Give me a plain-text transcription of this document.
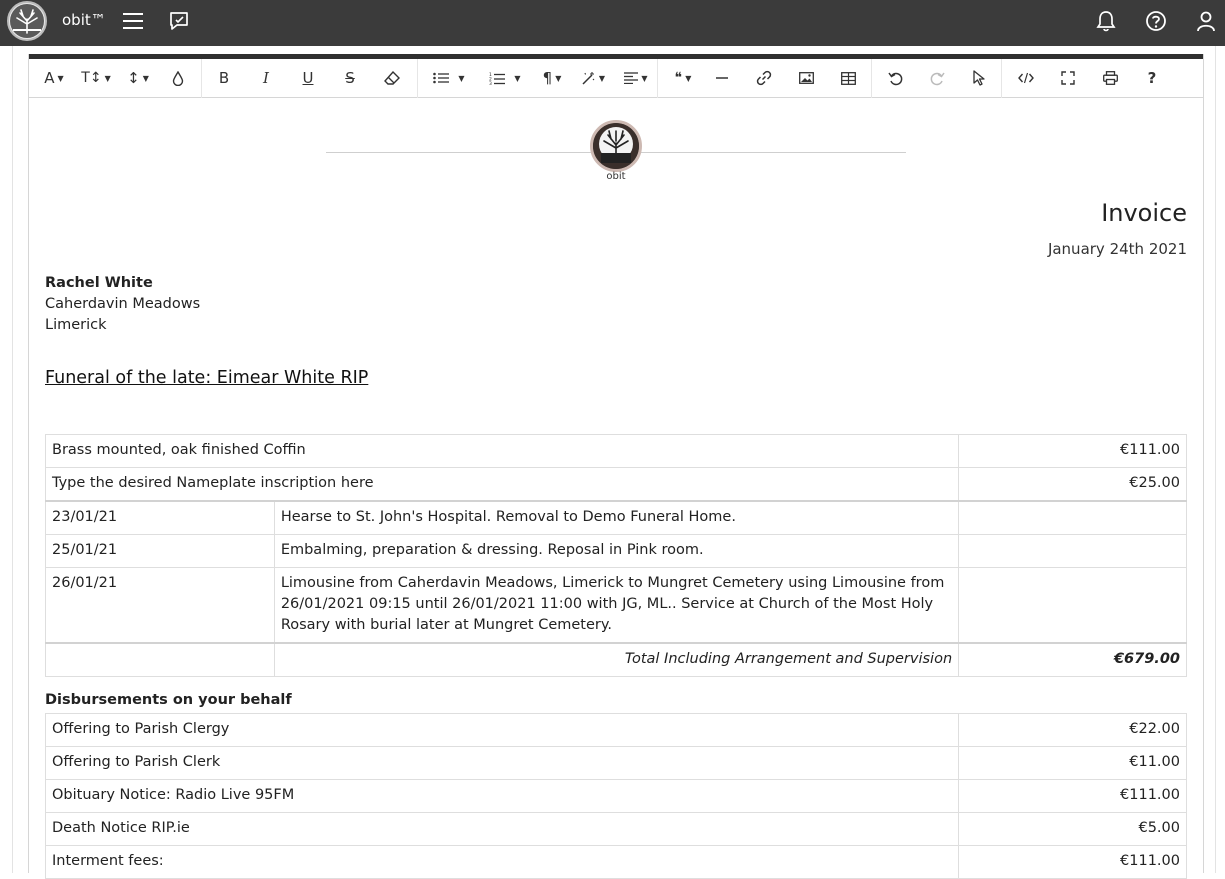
obit™
A ▼ T↕ ▼ ↕ ▼	B I U S	▼	1
2
3
▼ ¶ ▼	▼	▼ ❝ ▼	?
obit
Invoice
January 24th 2021
Rachel White
Caherdavin Meadows
Limerick
Funeral of the late: Eimear White RIP
Brass mounted, oak finished Coffin		€111.00
Type the desired Nameplate inscription here		€25.00
23/01/21	Hearse to St. John's Hospital. Removal to Demo Funeral Home.	
25/01/21	Embalming, preparation & dressing. Reposal in Pink room.	
26/01/21	Limousine from Caherdavin Meadows, Limerick to Mungret Cemetery using Limousine from 26/01/2021 09:15 until 26/01/2021 11:00 with JG, ML.. Service at Church of the Most Holy Rosary with burial later at Mungret Cemetery.	
	Total Including Arrangement and Supervision	€679.00
Disbursements on your behalf
Offering to Parish Clergy	€22.00
Offering to Parish Clerk	€11.00
Obituary Notice: Radio Live 95FM	€111.00
Death Notice RIP.ie	€5.00
Interment fees:	€111.00
